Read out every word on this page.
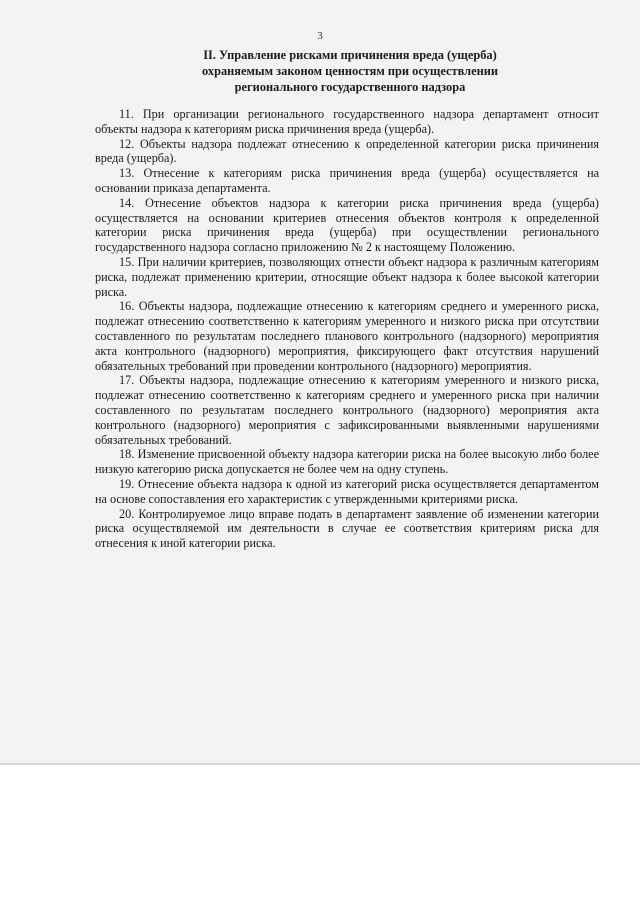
3
II. Управление рисками причинения вреда (ущерба)
охраняемым законом ценностям при осуществлении
регионального государственного надзора

11. При организации регионального государственного надзора департамент относит объекты надзора к категориям риска причинения вреда (ущерба).

12. Объекты надзора подлежат отнесению к определенной категории риска причинения вреда (ущерба).

13. Отнесение к категориям риска причинения вреда (ущерба) осуществляется на основании приказа департамента.

14. Отнесение объектов надзора к категории риска причинения вреда (ущерба) осуществляется на основании критериев отнесения объектов контроля к определенной категории риска причинения вреда (ущерба) при осуществлении регионального государственного надзора согласно приложению № 2 к настоящему Положению.

15. При наличии критериев, позволяющих отнести объект надзора к различным категориям риска, подлежат применению критерии, относящие объект надзора к более высокой категории риска.

16. Объекты надзора, подлежащие отнесению к категориям среднего и умеренного риска, подлежат отнесению соответственно к категориям умеренного и низкого риска при отсутствии составленного по результатам последнего планового контрольного (надзорного) мероприятия акта контрольного (надзорного) мероприятия, фиксирующего факт отсутствия нарушений обязательных требований при проведении контрольного (надзорного) мероприятия.

17. Объекты надзора, подлежащие отнесению к категориям умеренного и низкого риска, подлежат отнесению соответственно к категориям среднего и умеренного риска при наличии составленного по результатам последнего контрольного (надзорного) мероприятия акта контрольного (надзорного) мероприятия с зафиксированными выявленными нарушениями обязательных требований.

18. Изменение присвоенной объекту надзора категории риска на более высокую либо более низкую категорию риска допускается не более чем на одну ступень.

19. Отнесение объекта надзора к одной из категорий риска осуществляется департаментом на основе сопоставления его характеристик с утвержденными критериями риска.

20. Контролируемое лицо вправе подать в департамент заявление об изменении категории риска осуществляемой им деятельности в случае ее соответствия критериям риска для отнесения к иной категории риска.
